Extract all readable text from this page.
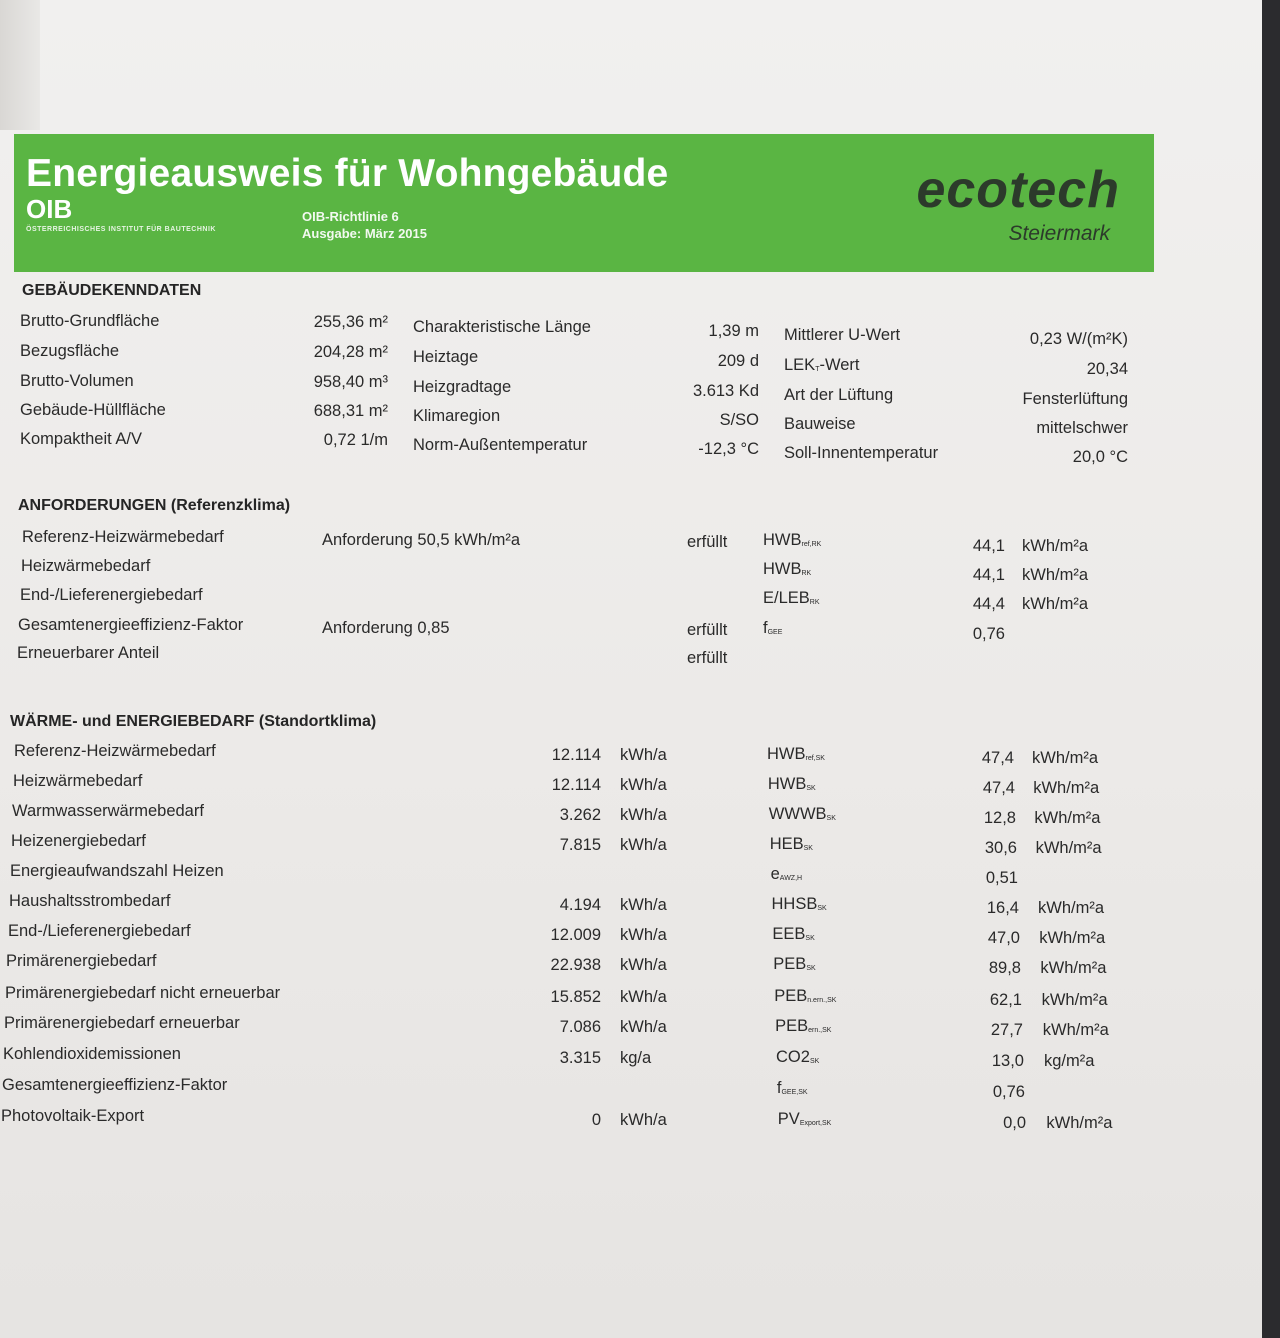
Energieausweis für Wohngebäude
OIB
ÖSTERREICHISCHES INSTITUT FÜR BAUTECHNIK
OIB-Richtlinie 6
Ausgabe: März 2015
ecotech
Steiermark
GEBÄUDEKENNDATEN
Brutto-Grundfläche	255,36 m² Charakteristische Länge	1,39 m Mittlerer U-Wert	0,23 W/(m²K)
Bezugsfläche	204,28 m² Heiztage	209 d LEKT-Wert	20,34
Brutto-Volumen	958,40 m³ Heizgradtage	3.613 Kd Art der Lüftung	Fensterlüftung
Gebäude-Hüllfläche	688,31 m² Klimaregion	S/SO Bauweise	mittelschwer
Kompaktheit A/V	0,72 1/m Norm-Außentemperatur	-12,3 °C Soll-Innentemperatur	20,0 °C
ANFORDERUNGEN (Referenzklima)
Referenz-Heizwärmebedarf	Anforderung 50,5 kWh/m²a	erfüllt HWBref,RK	44,1 kWh/m²a
Heizwärmebedarf	HWBRK	44,1 kWh/m²a
End-/Lieferenergiebedarf	E/LEBRK	44,4 kWh/m²a
Gesamtenergieeffizienz-Faktor	Anforderung 0,85	erfüllt fGEE	0,76
Erneuerbarer Anteil	erfüllt
WÄRME- und ENERGIEBEDARF (Standortklima)
Referenz-Heizwärmebedarf	12.114 kWh/a	HWBref,SK	47,4 kWh/m²a
Heizwärmebedarf	12.114 kWh/a	HWBSK	47,4 kWh/m²a
Warmwasserwärmebedarf	3.262 kWh/a	WWWBSK	12,8 kWh/m²a
Heizenergiebedarf	7.815 kWh/a	HEBSK	30,6 kWh/m²a
Energieaufwandszahl Heizen	eAWZ,H	0,51
Haushaltsstrombedarf	4.194 kWh/a	HHSBSK	16,4 kWh/m²a
End-/Lieferenergiebedarf	12.009 kWh/a	EEBSK	47,0 kWh/m²a
Primärenergiebedarf	22.938 kWh/a	PEBSK	89,8 kWh/m²a
Primärenergiebedarf nicht erneuerbar	15.852 kWh/a	PEBn.ern.,SK	62,1 kWh/m²a
Primärenergiebedarf erneuerbar	7.086 kWh/a	PEBern.,SK	27,7 kWh/m²a
Kohlendioxidemissionen	3.315 kg/a	CO2SK	13,0 kg/m²a
Gesamtenergieeffizienz-Faktor	fGEE,SK	0,76
Photovoltaik-Export	0 kWh/a	PVExport,SK	0,0 kWh/m²a
